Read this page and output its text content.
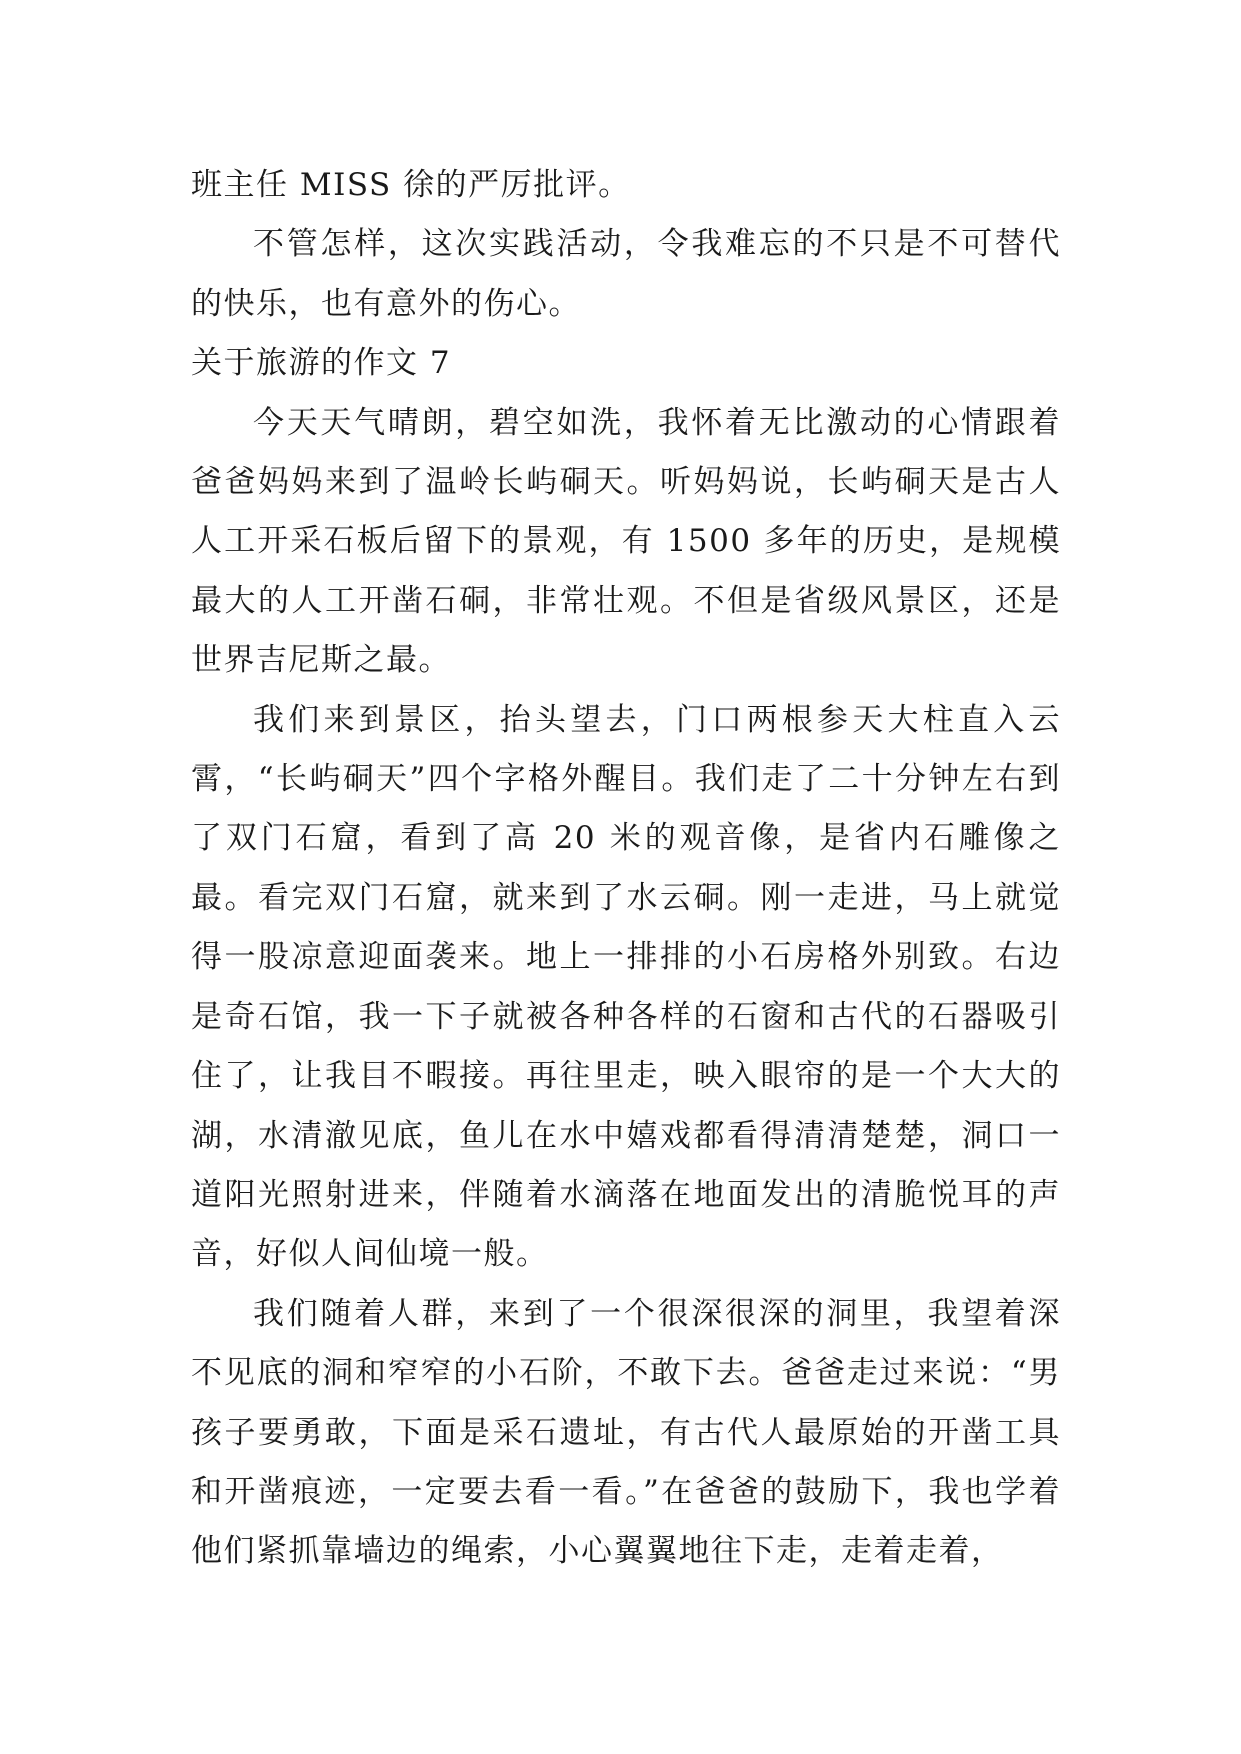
班主任 MISS 徐的严厉批评。

不管怎样，这次实践活动，令我难忘的不只是不可替代的快乐，也有意外的伤心。

关于旅游的作文 7

今天天气晴朗，碧空如洗，我怀着无比激动的心情跟着爸爸妈妈来到了温岭长屿硐天。听妈妈说，长屿硐天是古人人工开采石板后留下的景观，有 1500 多年的历史，是规模最大的人工开凿石硐，非常壮观。不但是省级风景区，还是世界吉尼斯之最。

我们来到景区，抬头望去，门口两根参天大柱直入云霄，“长屿硐天”四个字格外醒目。我们走了二十分钟左右到了双门石窟，看到了高 20 米的观音像，是省内石雕像之最。看完双门石窟，就来到了水云硐。刚一走进，马上就觉得一股凉意迎面袭来。地上一排排的小石房格外别致。右边是奇石馆，我一下子就被各种各样的石窗和古代的石器吸引住了，让我目不暇接。再往里走，映入眼帘的是一个大大的湖，水清澈见底，鱼儿在水中嬉戏都看得清清楚楚，洞口一道阳光照射进来，伴随着水滴落在地面发出的清脆悦耳的声音，好似人间仙境一般。

我们随着人群，来到了一个很深很深的洞里，我望着深不见底的洞和窄窄的小石阶，不敢下去。爸爸走过来说：“男孩子要勇敢，下面是采石遗址，有古代人最原始的开凿工具和开凿痕迹，一定要去看一看。”在爸爸的鼓励下，我也学着他们紧抓靠墙边的绳索，小心翼翼地往下走，走着走着，
